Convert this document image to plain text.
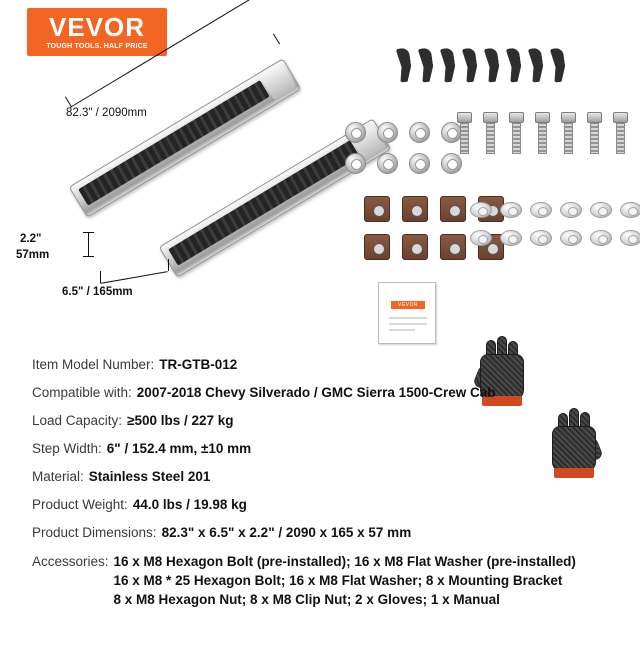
VEVOR
TOUGH TOOLS. HALF PRICE
82.3" / 2090mm
2.2"
57mm
6.5" / 165mm
VEVOR
Item Model Number: TR-GTB-012
Compatible with: 2007-2018 Chevy Silverado / GMC Sierra 1500-Crew Cab
Load Capacity: ≥500 lbs / 227 kg
Step Width: 6" / 152.4 mm, ±10 mm
Material: Stainless Steel 201
Product Weight: 44.0 lbs / 19.98 kg
Product Dimensions: 82.3" x 6.5" x 2.2" / 2090 x 165 x 57 mm
Accessories: 16 x M8 Hexagon Bolt (pre-installed); 16 x M8 Flat Washer (pre-installed)
16 x M8 * 25 Hexagon Bolt; 16 x M8 Flat Washer; 8 x Mounting Bracket
8 x M8 Hexagon Nut; 8 x M8 Clip Nut; 2 x Gloves; 1 x Manual
